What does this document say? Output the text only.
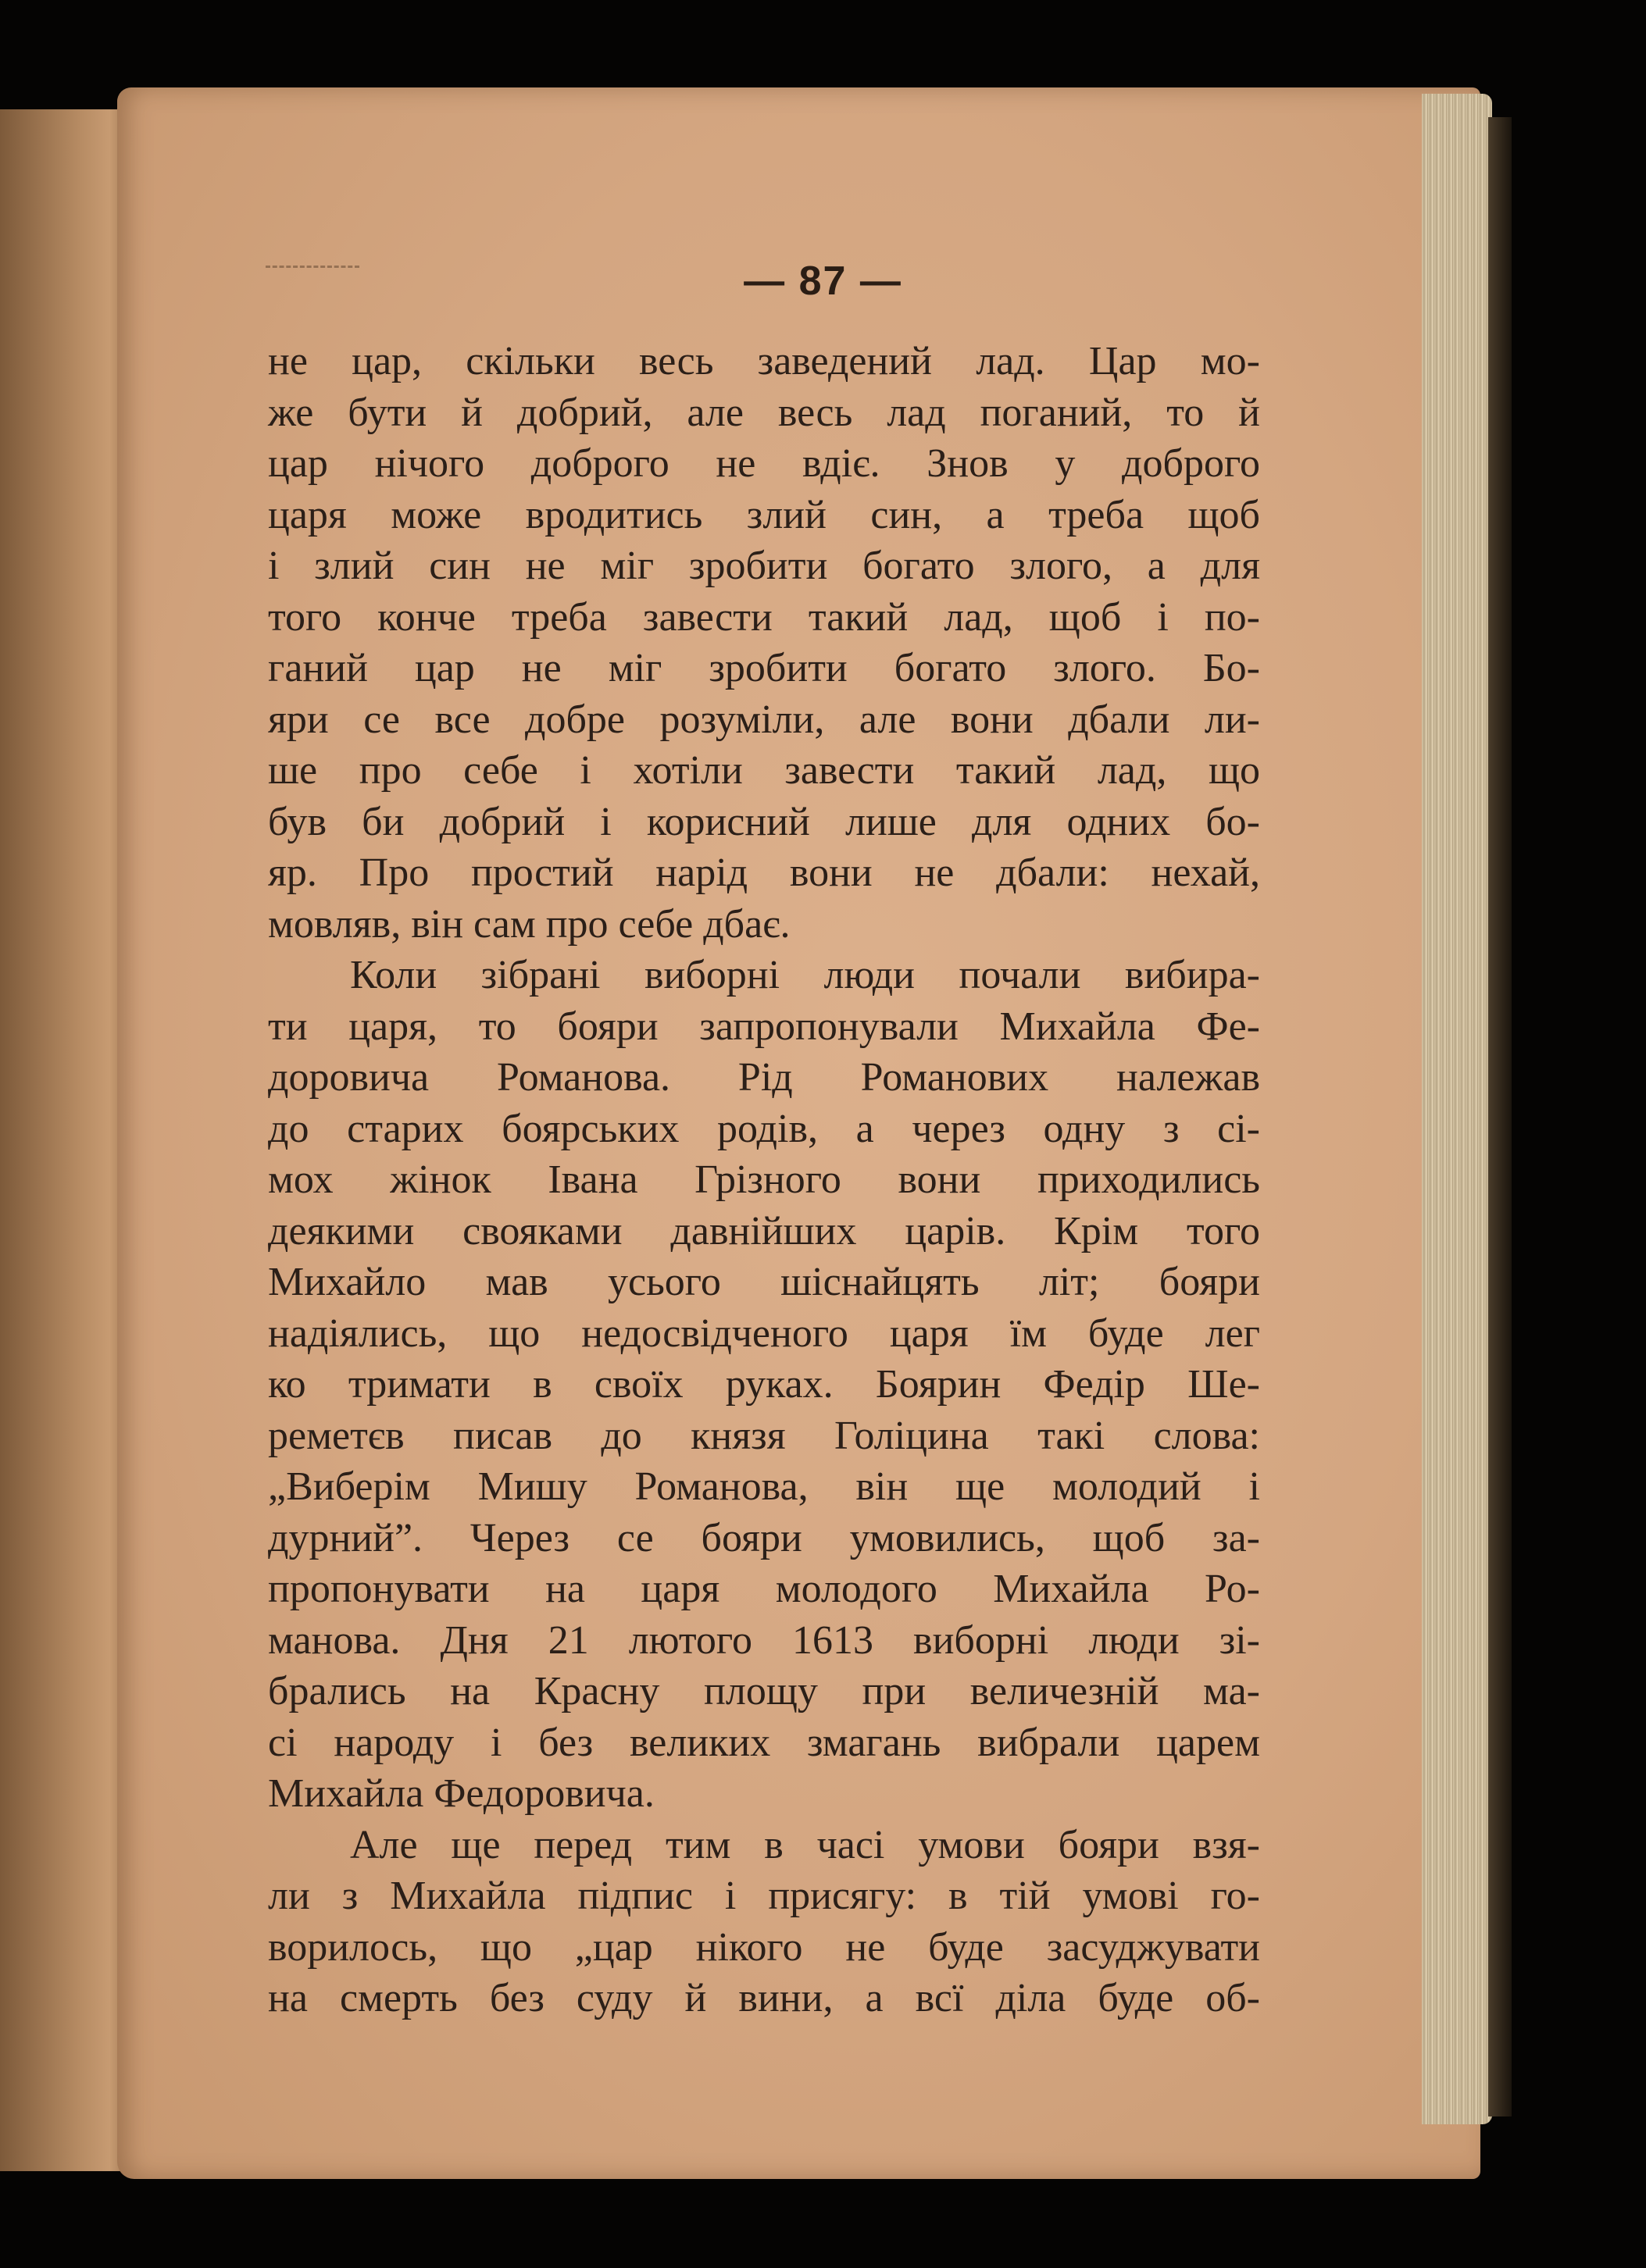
— 87 —
не цар, скільки весь заведений лад. Цар мо-
же бути й добрий, але весь лад поганий, то й
цар нічого доброго не вдіє. Знов у доброго
царя може вродитись злий син, а треба щоб
і злий син не міг зробити богато злого, а для
того конче треба завести такий лад, щоб і по-
ганий цар не міг зробити богато злого. Бо-
яри се все добре розуміли, але вони дбали ли-
ше про себе і хотіли завести такий лад, що
був би добрий і корисний лише для одних бо-
яр. Про простий нарід вони не дбали: нехай,
мовляв, він сам про себе дбає.
Коли зібрані виборні люди почали вибира-
ти царя, то бояри запропонували Михайла Фе-
доровича Романова. Рід Романових належав
до старих боярських родів, а через одну з сі-
мох жінок Івана Грізного вони приходились
деякими свояками давнійших царів. Крім того
Михайло мав усього шіснайцять літ; бояри
надіялись, що недосвідченого царя їм буде лег
ко тримати в своїх руках. Боярин Федір Ше-
реметєв писав до князя Голіцина такі слова:
„Виберім Мишу Романова, він ще молодий і
дурний”. Через се бояри умовились, щоб за-
пропонувати на царя молодого Михайла Ро-
манова. Дня 21 лютого 1613 виборні люди зі-
брались на Красну площу при величезній ма-
сі народу і без великих змагань вибрали царем
Михайла Федоровича.
Але ще перед тим в часі умови бояри взя-
ли з Михайла підпис і присягу: в тій умові го-
ворилось, що „цар нікого не буде засуджувати
на смерть без суду й вини, а всї діла буде об-
